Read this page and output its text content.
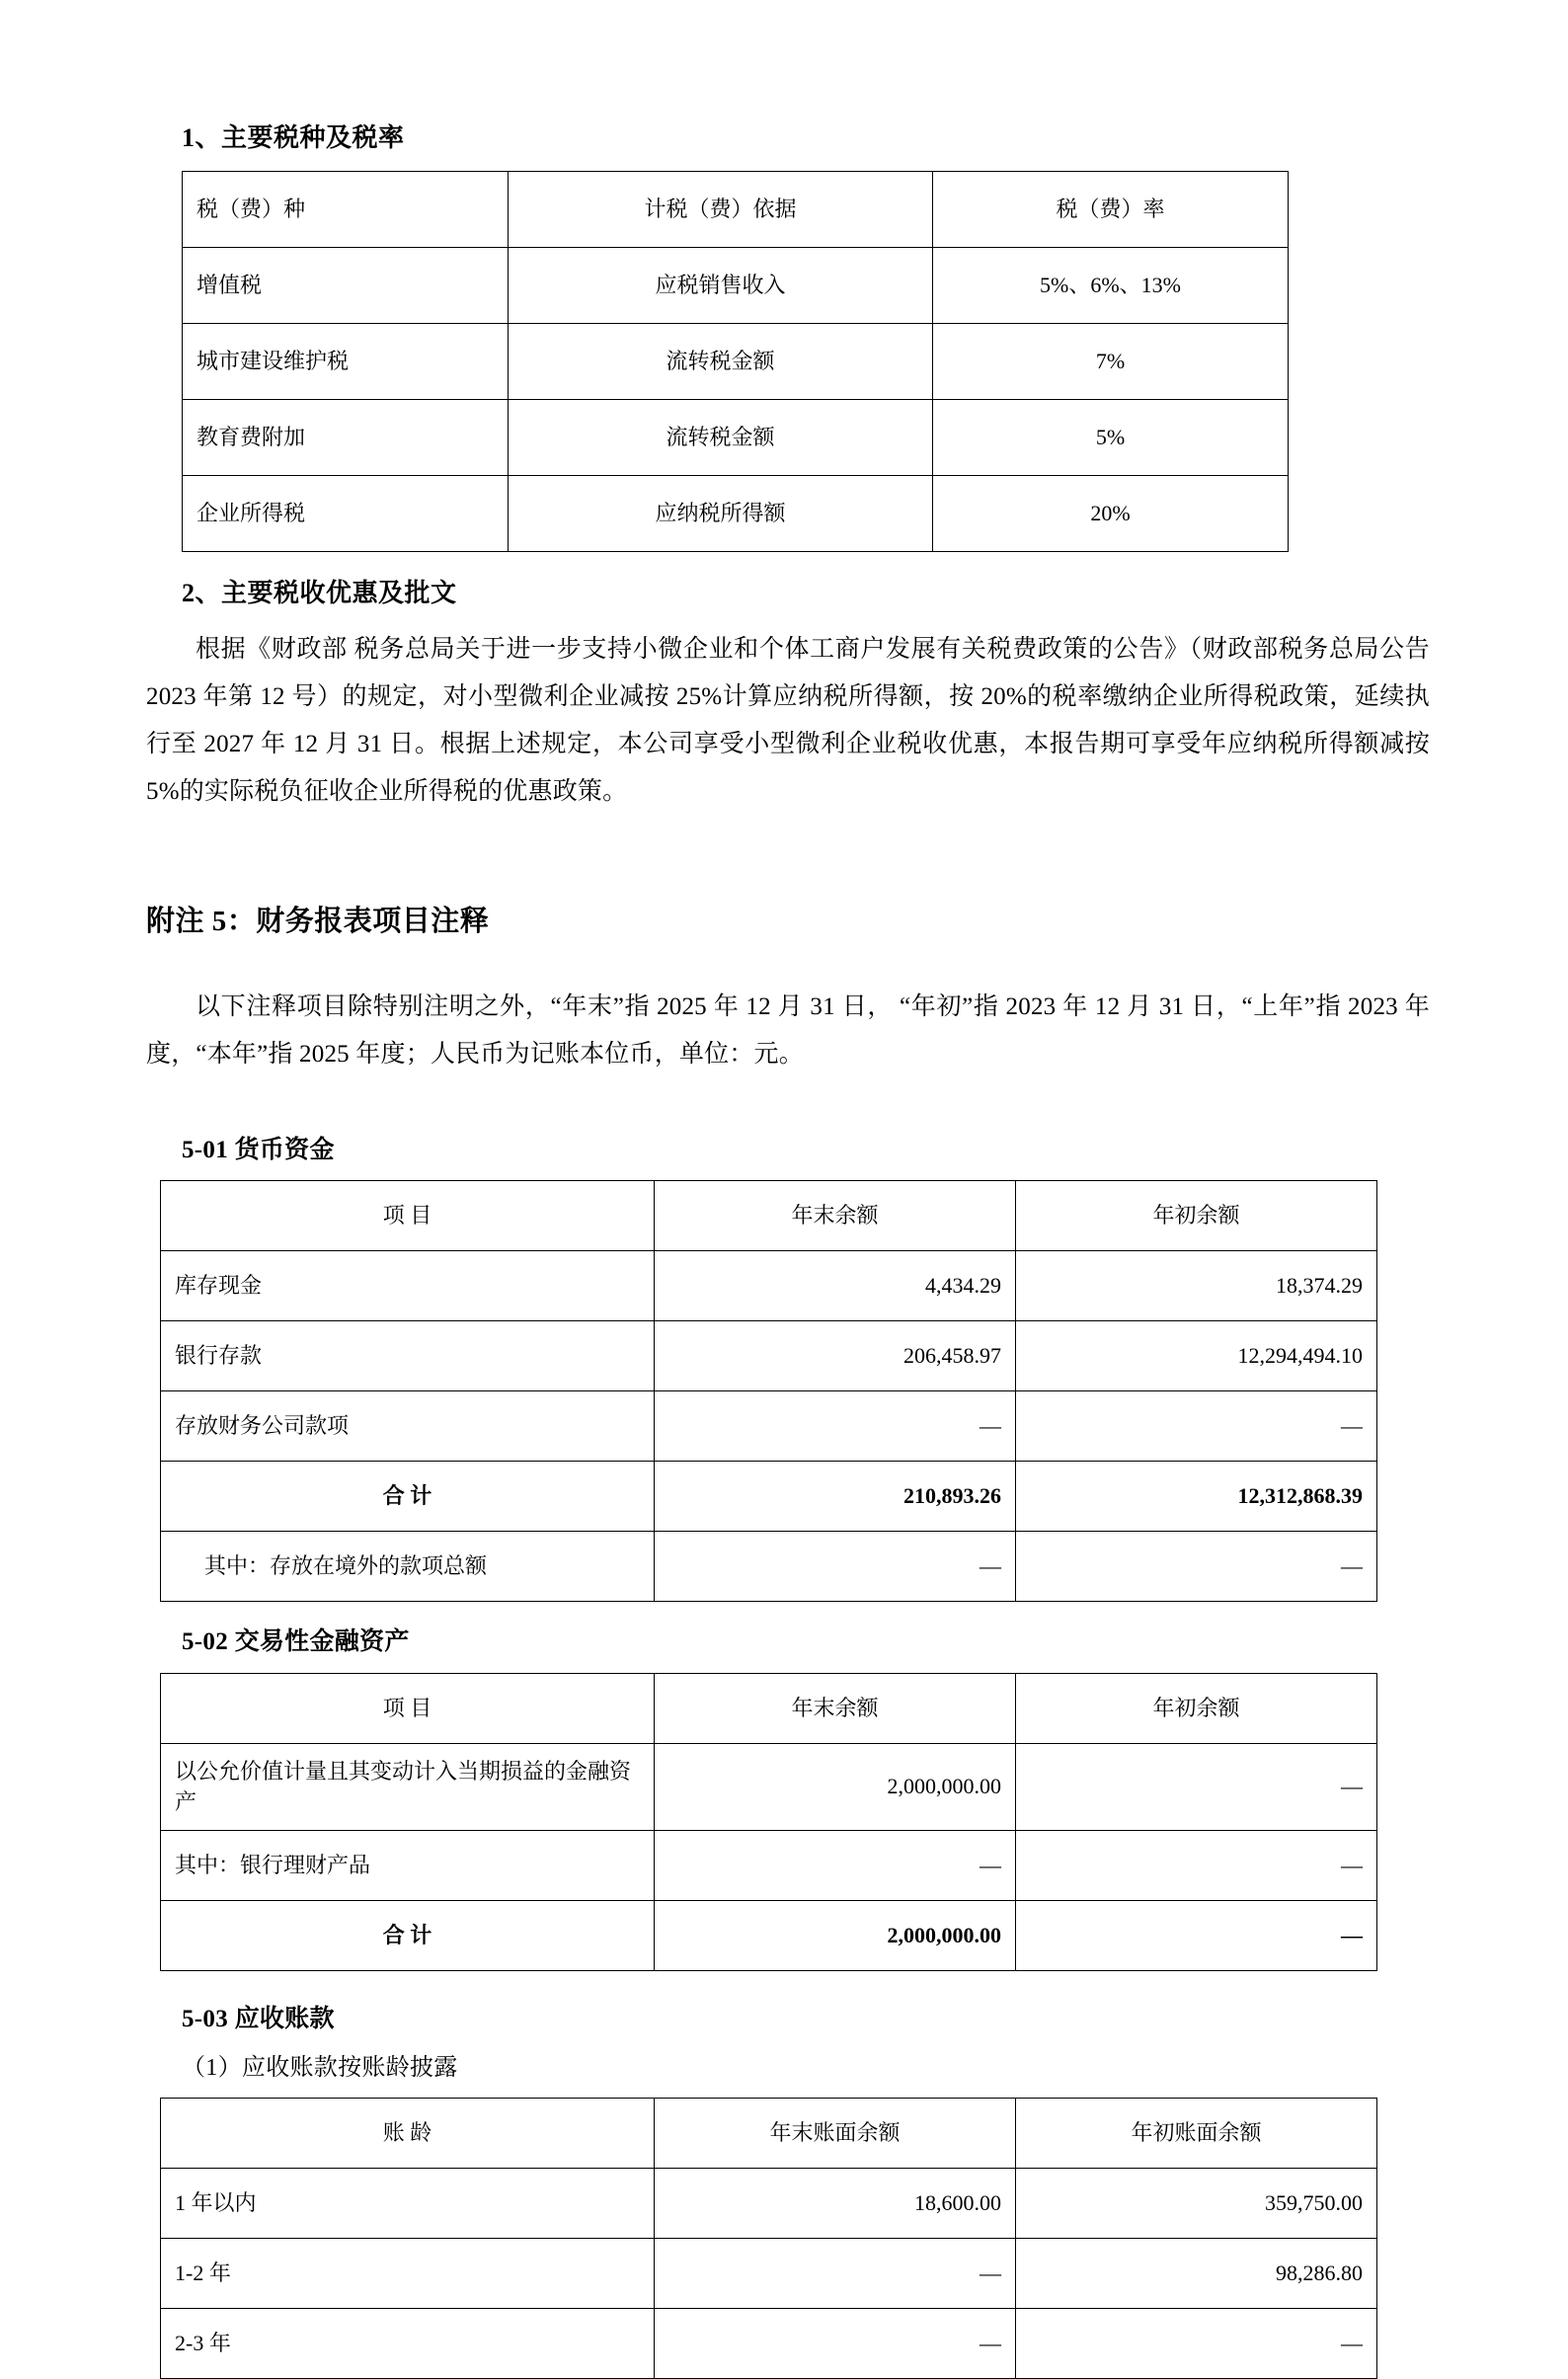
1、主要税种及税率
税（费）种	计税（费）依据	税（费）率
增值税	应税销售收入	5%、6%、13%
城市建设维护税	流转税金额	7%
教育费附加	流转税金额	5%
企业所得税	应纳税所得额	20%
2、主要税收优惠及批文

根据《财政部 税务总局关于进一步支持小微企业和个体工商户发展有关税费政策的公告》（财政部税务总局公告 2023 年第 12 号）的规定，对小型微利企业减按 25%计算应纳税所得额，按 20%的税率缴纳企业所得税政策，延续执行至 2027 年 12 月 31 日。根据上述规定，本公司享受小型微利企业税收优惠，本报告期可享受年应纳税所得额减按 5%的实际税负征收企业所得税的优惠政策。

附注 5：财务报表项目注释

以下注释项目除特别注明之外，“年末”指 2025 年 12 月 31 日， “年初”指 2023 年 12 月 31 日，“上年”指 2023 年度，“本年”指 2025 年度；人民币为记账本位币，单位：元。

5-01 货币资金
项 目	年末余额	年初余额
库存现金	4,434.29	18,374.29
银行存款	206,458.97	12,294,494.10
存放财务公司款项	—	—
合 计	210,893.26	12,312,868.39
其中：存放在境外的款项总额	—	—
5-02 交易性金融资产
项 目	年末余额	年初余额
以公允价值计量且其变动计入当期损益的金融资产	2,000,000.00	—
其中：银行理财产品	—	—
合 计	2,000,000.00	—
5-03 应收账款
（1）应收账款按账龄披露
账 龄	年末账面余额	年初账面余额
1 年以内	18,600.00	359,750.00
1-2 年	—	98,286.80
2-3 年	—	—
